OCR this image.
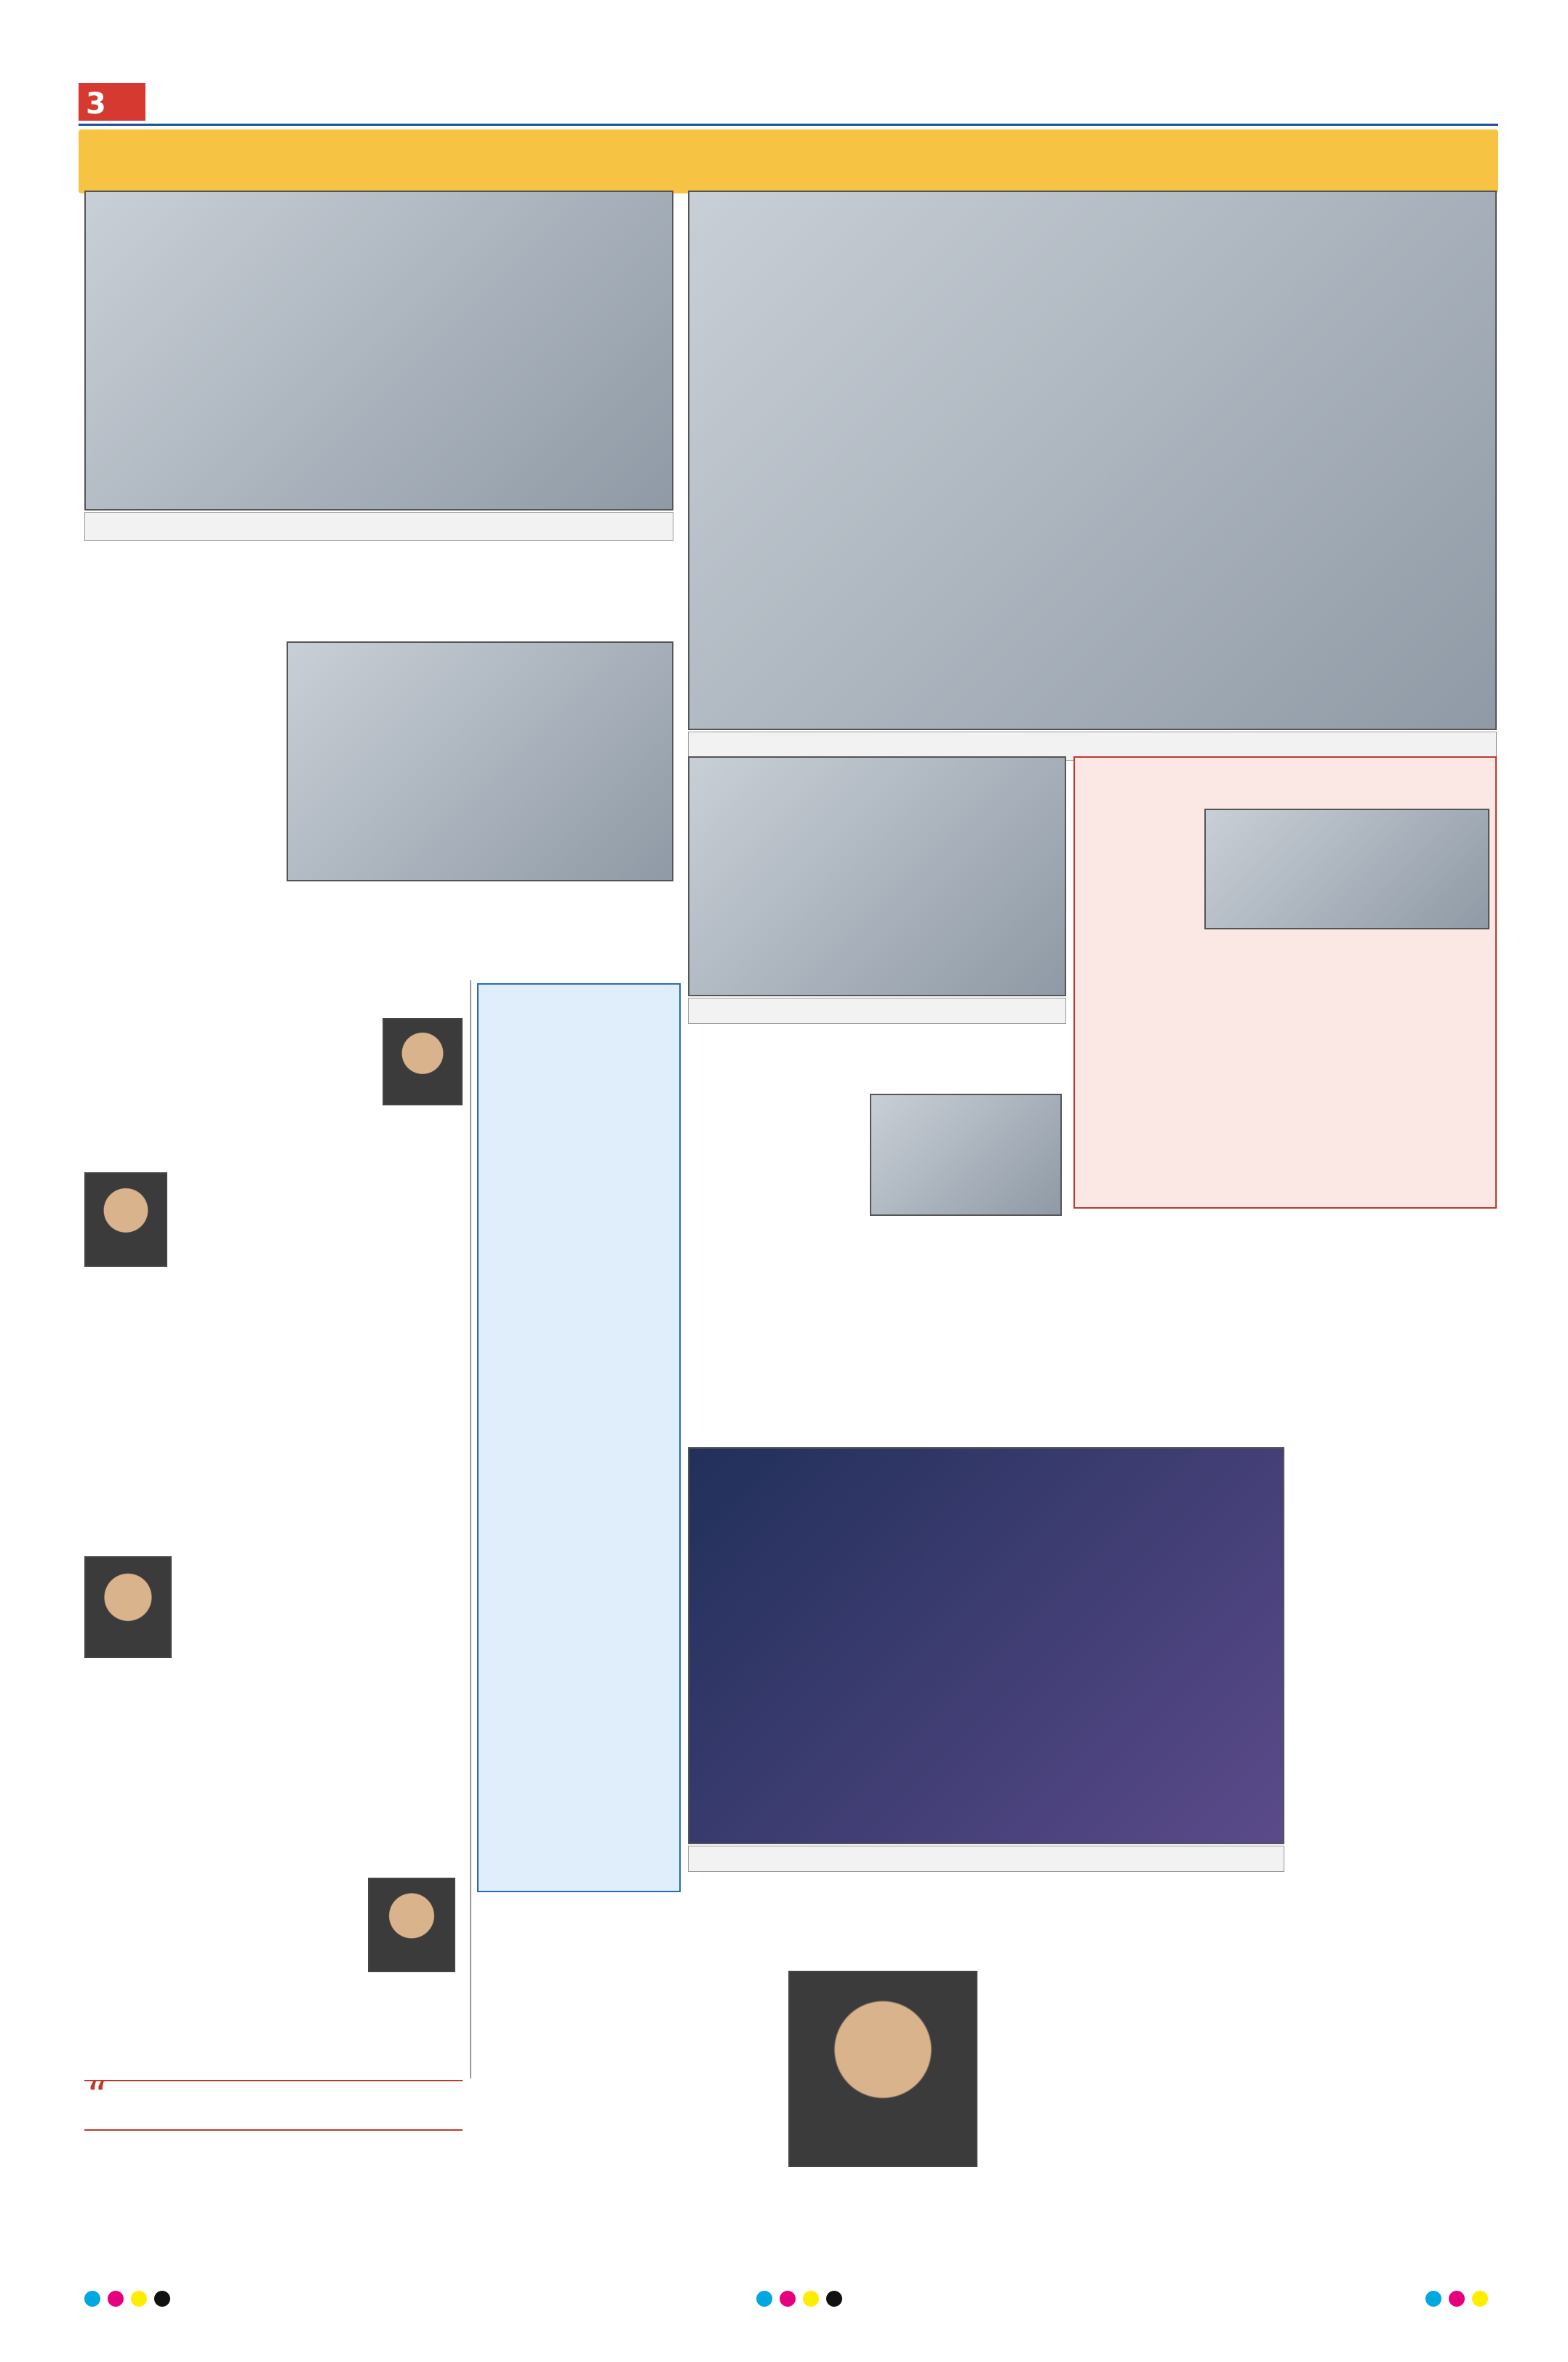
3
“
